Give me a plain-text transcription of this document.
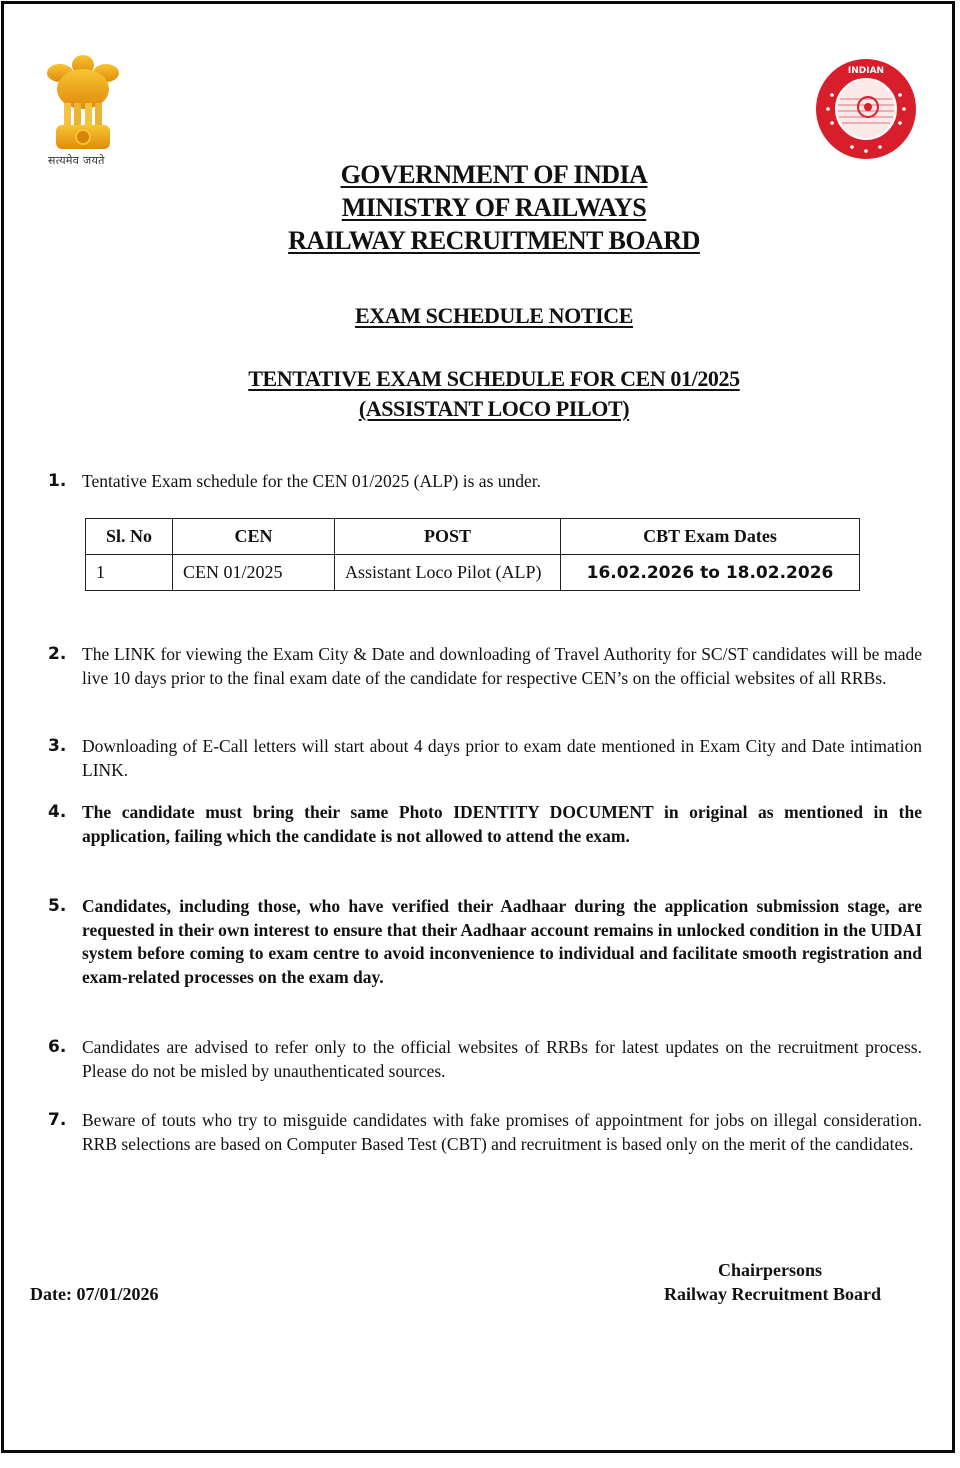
सत्यमेव जयते
INDIAN
GOVERNMENT OF INDIA
MINISTRY OF RAILWAYS
RAILWAY RECRUITMENT BOARD
EXAM SCHEDULE NOTICE
TENTATIVE EXAM SCHEDULE FOR CEN 01/2025
(ASSISTANT LOCO PILOT)
1. Tentative Exam schedule for the CEN 01/2025 (ALP) is as under.
Sl. No	CEN	POST	CBT Exam Dates
1	CEN 01/2025	Assistant Loco Pilot (ALP)	16.02.2026 to 18.02.2026
2. The LINK for viewing the Exam City & Date and downloading of Travel Authority for SC/ST candidates will be made live 10 days prior to the final exam date of the candidate for respective CEN’s on the official websites of all RRBs.
3. Downloading of E-Call letters will start about 4 days prior to exam date mentioned in Exam City and Date intimation LINK.
4. The candidate must bring their same Photo IDENTITY DOCUMENT in original as mentioned in the application, failing which the candidate is not allowed to attend the exam.
5. Candidates, including those, who have verified their Aadhaar during the application submission stage, are requested in their own interest to ensure that their Aadhaar account remains in unlocked condition in the UIDAI system before coming to exam centre to avoid inconvenience to individual and facilitate smooth registration and exam-related processes on the exam day.
6. Candidates are advised to refer only to the official websites of RRBs for latest updates on the recruitment process. Please do not be misled by unauthenticated sources.
7. Beware of touts who try to misguide candidates with fake promises of appointment for jobs on illegal consideration. RRB selections are based on Computer Based Test (CBT) and recruitment is based only on the merit of the candidates.
Date: 07/01/2026
Chairpersons
Railway Recruitment Board
